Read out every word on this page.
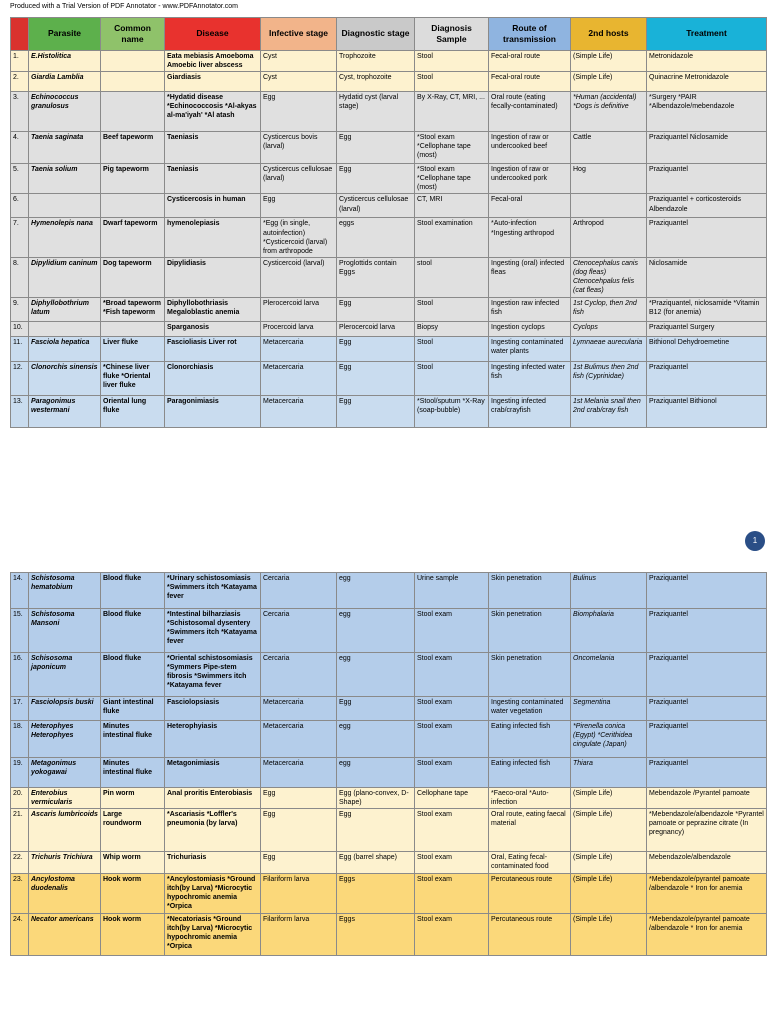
Produced with a Trial Version of PDF Annotator - www.PDFAnnotator.com
	Parasite	Common name	Disease	Infective stage	Diagnostic stage	Diagnosis Sample	Route of transmission	2nd hosts	Treatment
1.	E.Histolitica		Eata mebiasis Amoeboma Amoebic liver abscess	Cyst	Trophozoite	Stool	Fecal-oral route	(Simple Life)	Metronidazole
2.	Giardia Lamblia		Giardiasis	Cyst	Cyst, trophozoite	Stool	Fecal-oral route	(Simple Life)	Quinacrine Metronidazole
3.	Echinococcus granulosus		*Hydatid disease *Echinococcosis *Al-akyas al-ma'iyah' *Al atash	Egg	Hydatid cyst (larval stage)	By X-Ray, CT, MRI, ...	Oral route (eating fecally-contaminated)	*Human (accidental) *Dogs is definitive	*Surgery *PAIR *Albendazole/mebendazole
4.	Taenia saginata	Beef tapeworm	Taeniasis	Cysticercus bovis (larval)	Egg	*Stool exam *Cellophane tape (most)	Ingestion of raw or undercooked beef	Cattle	Praziquantel Niclosamide
5.	Taenia solium	Pig tapeworm	Taeniasis	Cysticercus cellulosae (larval)	Egg	*Stool exam *Cellophane tape (most)	Ingestion of raw or undercooked pork	Hog	Praziquantel
6.			Cysticercosis in human	Egg	Cysticercus cellulosae (larval)	CT, MRI	Fecal-oral		Praziquantel + corticosteroids Albendazole
7.	Hymenolepis nana	Dwarf tapeworm	hymenolepiasis	*Egg (in single, autoinfection) *Cysticercoid (larval) from arthropode	eggs	Stool examination	*Auto-infection *Ingesting arthropod	Arthropod	Praziquantel
8.	Dipylidium caninum	Dog tapeworm	Dipylidiasis	Cysticercoid (larval)	Proglottids contain Eggs	stool	Ingesting (oral) infected fleas	Ctenocephalus canis (dog fleas) Ctenocehpalus felis (cat fleas)	Niclosamide
9.	Diphyllobothrium latum	*Broad tapeworm *Fish tapeworm	Diphyllobothriasis Megaloblastic anemia	Plerocercoid larva	Egg	Stool	Ingestion raw infected fish	1st Cyclop, then 2nd fish	*Praziquantel, niclosamide *Vitamin B12 (for anemia)
10.			Sparganosis	Procercoid larva	Plerocercoid larva	Biopsy	Ingestion cyclops	Cyclops	Praziquantel Surgery
11.	Fasciola hepatica	Liver fluke	Fascioliasis Liver rot	Metacercaria	Egg	Stool	Ingesting contaminated water plants	Lymnaeae aurecularia	Bithionol Dehydroemetine
12.	Clonorchis sinensis	*Chinese liver fluke *Oriental liver fluke	Clonorchiasis	Metacercaria	Egg	Stool	Ingesting infected water fish	1st Bulimus then 2nd fish (Cyprinidae)	Praziquantel
13.	Paragonimus westermani	Oriental lung fluke	Paragonimiasis	Metacercaria	Egg	*Stool/sputum *X-Ray (soap-bubble)	Ingesting infected crab/crayfish	1st Melania snail then 2nd crab/cray fish	Praziquantel Bithionol
1
14.	Schistosoma hematobium	Blood fluke	*Urinary schistosomiasis *Swimmers itch *Katayama fever	Cercaria	egg	Urine sample	Skin penetration	Bulinus	Praziquantel
15.	Schistosoma Mansoni	Blood fluke	*Intestinal bilharziasis *Schistosomal dysentery *Swimmers itch *Katayama fever	Cercaria	egg	Stool exam	Skin penetration	Biomphalaria	Praziquantel
16.	Schisosoma japonicum	Blood fluke	*Oriental schistosomiasis *Symmers Pipe-stem fibrosis *Swimmers itch *Katayama fever	Cercaria	egg	Stool exam	Skin penetration	Oncomelania	Praziquantel
17.	Fasciolopsis buski	Giant intestinal fluke	Fasciolopsiasis	Metacercaria	Egg	Stool exam	Ingesting contaminated water vegetation	Segmentina	Praziquantel
18.	Heterophyes Heterophyes	Minutes intestinal fluke	Heterophyiasis	Metacercaria	egg	Stool exam	Eating infected fish	*Pirenella conica (Egypt) *Cerithidea cingulate (Japan)	Praziquantel
19.	Metagonimus yokogawai	Minutes intestinal fluke	Metagonimiasis	Metacercaria	egg	Stool exam	Eating infected fish	Thiara	Praziquantel
20.	Enterobius vermicularis	Pin worm	Anal proritis Enterobiasis	Egg	Egg (plano-convex, D-Shape)	Cellophane tape	*Faeco-oral *Auto-infection	(Simple Life)	Mebendazole /Pyrantel pamoate
21.	Ascaris lumbricoids	Large roundworm	*Ascariasis *Loffler's pneumonia (by larva)	Egg	Egg	Stool exam	Oral route, eating faecal material	(Simple Life)	*Mebendazole/albendazole *Pyrantel pamoate or peprazine citrate (In pregnancy)
22.	Trichuris Trichiura	Whip worm	Trichuriasis	Egg	Egg (barrel shape)	Stool exam	Oral, Eating fecal-contaminated food	(Simple Life)	Mebendazole/albendazole
23.	Ancylostoma duodenalis	Hook worm	*Ancylostomiasis *Ground itch(by Larva) *Microcytic hypochromic anemia *Orpica	Filariform larva	Eggs	Stool exam	Percutaneous route	(Simple Life)	*Mebendazole/pyrantel pamoate /albendazole * Iron for anemia
24.	Necator americans	Hook worm	*Necatoriasis *Ground itch(by Larva) *Microcytic hypochromic anemia *Orpica	Filariform larva	Eggs	Stool exam	Percutaneous route	(Simple Life)	*Mebendazole/pyrantel pamoate /albendazole * Iron for anemia
